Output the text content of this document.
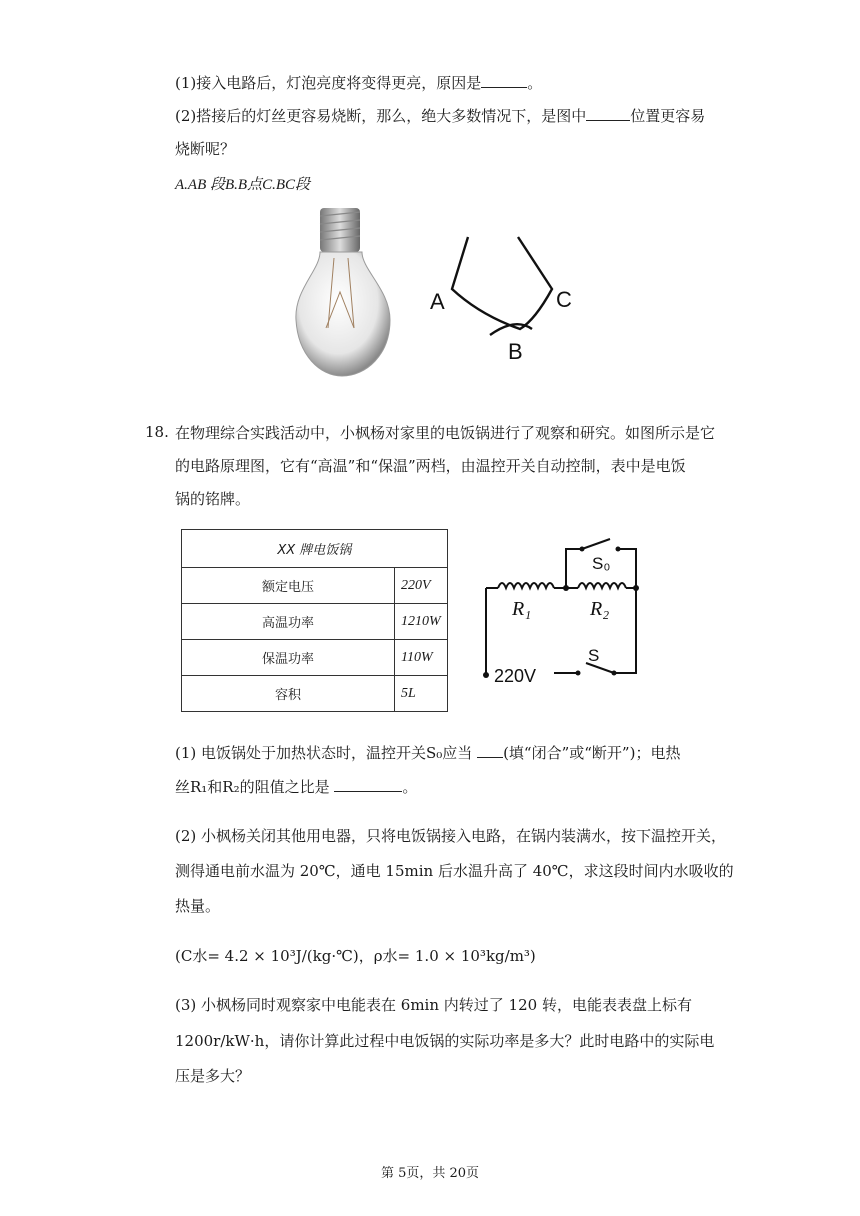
(1)接入电路后，灯泡亮度将变得更亮，原因是	。
(2)搭接后的灯丝更容易烧断，那么，绝大多数情况下，是图中	位置更容易
烧断呢？
A.AB 段B.B点C.BC段
A
B
C
18. 在物理综合实践活动中，小枫杨对家里的电饭锅进行了观察和研究。如图所示是它
的电路原理图，它有“高温”和“保温”两档，由温控开关自动控制，表中是电饭
锅的铭牌。
XX 牌电饭锅	
额定电压	220V
高温功率	1210W
保温功率	110W
容积	5L
R₁	R₂
S₀
S
220V
(1) 电饭锅处于加热状态时，温控开关S₀应当 (填“闭合”或“断开”)；电热
丝R₁和R₂的阻值之比是	。
(2) 小枫杨关闭其他用电器，只将电饭锅接入电路，在锅内装满水，按下温控开关，
测得通电前水温为 20℃，通电 15min 后水温升高了 40℃，求这段时间内水吸收的
热量。
(C水= 4.2 × 10³J/(kg·℃)，ρ水= 1.0 × 10³kg/m³)
(3) 小枫杨同时观察家中电能表在 6min 内转过了 120 转，电能表表盘上标有
1200r/kW·h，请你计算此过程中电饭锅的实际功率是多大？此时电路中的实际电
压是多大？
第 5页，共 20页
